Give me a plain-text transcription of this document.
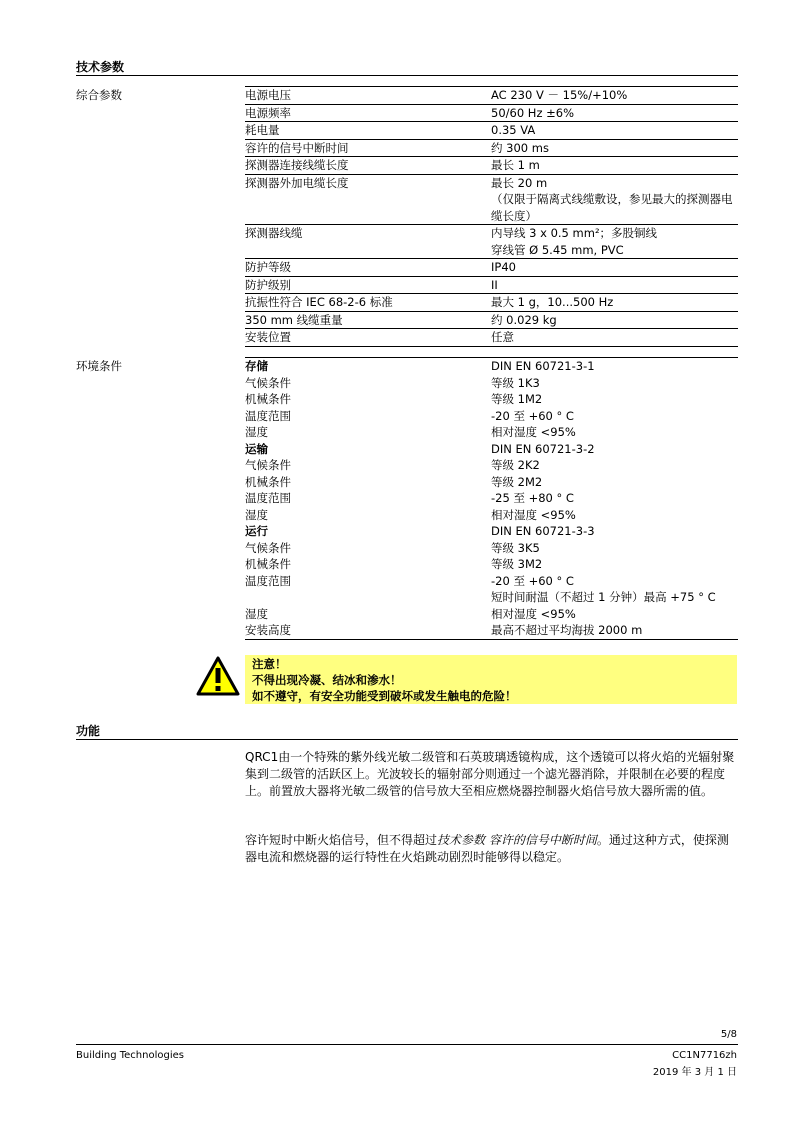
技术参数
综合参数	电源电压	AC 230 V － 15%/+10%
电源频率	50/60 Hz ±6%
耗电量	0.35 VA
容许的信号中断时间	约 300 ms
探测器连接线缆长度	最长 1 m
探测器外加电缆长度	最长 20 m
（仅限于隔离式线缆敷设，参见最大的探测器电缆长度）
探测器线缆	内导线 3 x 0.5 mm²；多股铜线
穿线管 Ø 5.45 mm, PVC
防护等级	IP40
防护级别	II
抗振性符合 IEC 68-2-6 标准	最大 1 g，10...500 Hz
350 mm 线缆重量	约 0.029 kg
安装位置	任意
环境条件	存储	DIN EN 60721-3-1
气候条件	等级 1K3
机械条件	等级 1M2
温度范围	-20 至 +60 ° C
湿度	相对湿度 <95%
运输	DIN EN 60721-3-2
气候条件	等级 2K2
机械条件	等级 2M2
温度范围	-25 至 +80 ° C
湿度	相对湿度 <95%
运行	DIN EN 60721-3-3
气候条件	等级 3K5
机械条件	等级 3M2
温度范围	-20 至 +60 ° C
短时间耐温（不超过 1 分钟）最高 +75 ° C
湿度	相对湿度 <95%
安装高度	最高不超过平均海拔 2000 m
注意！
不得出现冷凝、结冰和渗水！
如不遵守，有安全功能受到破坏或发生触电的危险！
功能
QRC1由一个特殊的紫外线光敏二级管和石英玻璃透镜构成，这个透镜可以将火焰的光辐射聚集到二级管的活跃区上。光波较长的辐射部分则通过一个滤光器消除，并限制在必要的程度上。前置放大器将光敏二级管的信号放大至相应燃烧器控制器火焰信号放大器所需的值。
容许短时中断火焰信号，但不得超过技术参数 容许的信号中断时间。通过这种方式，使探测器电流和燃烧器的运行特性在火焰跳动剧烈时能够得以稳定。
5/8
Building Technologies	CC1N7716zh
2019 年 3 月 1 日
